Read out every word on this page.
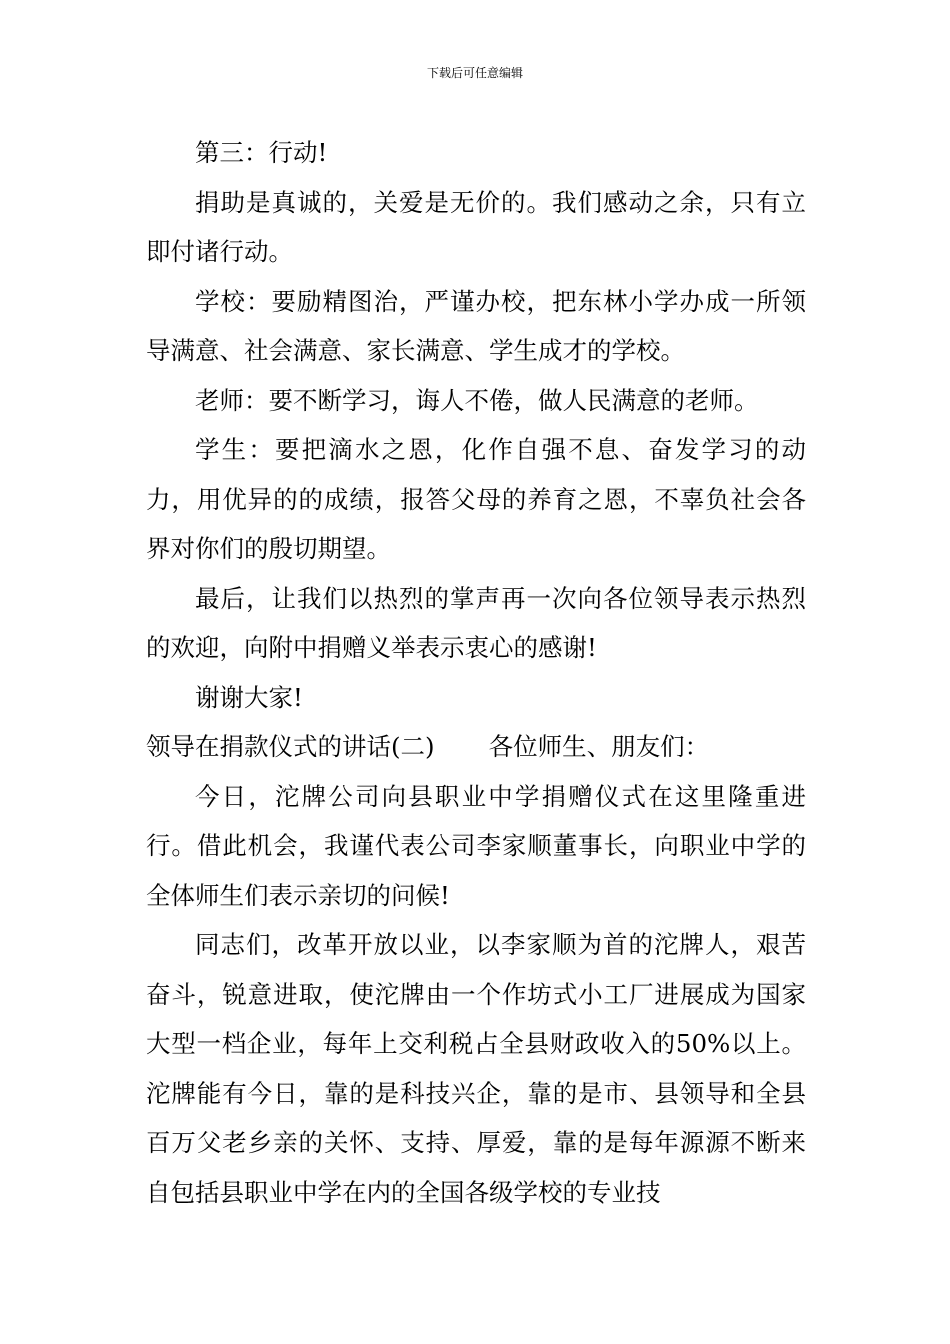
下载后可任意编辑

第三：行动!

捐助是真诚的，关爱是无价的。我们感动之余，只有立即付诸行动。

学校：要励精图治，严谨办校，把东林小学办成一所领导满意、社会满意、家长满意、学生成才的学校。

老师：要不断学习，诲人不倦，做人民满意的老师。

学生：要把滴水之恩，化作自强不息、奋发学习的动力，用优异的的成绩，报答父母的养育之恩，不辜负社会各界对你们的殷切期望。

最后，让我们以热烈的掌声再一次向各位领导表示热烈的欢迎，向附中捐赠义举表示衷心的感谢!

谢谢大家!

领导在捐款仪式的讲话(二) 各位师生、朋友们：

今日，沱牌公司向县职业中学捐赠仪式在这里隆重进行。借此机会，我谨代表公司李家顺董事长，向职业中学的全体师生们表示亲切的问候!

同志们，改革开放以业，以李家顺为首的沱牌人，艰苦奋斗，锐意进取，使沱牌由一个作坊式小工厂进展成为国家大型一档企业，每年上交利税占全县财政收入的50%以上。沱牌能有今日，靠的是科技兴企，靠的是市、县领导和全县百万父老乡亲的关怀、支持、厚爱，靠的是每年源源不断来自包括县职业中学在内的全国各级学校的专业技
